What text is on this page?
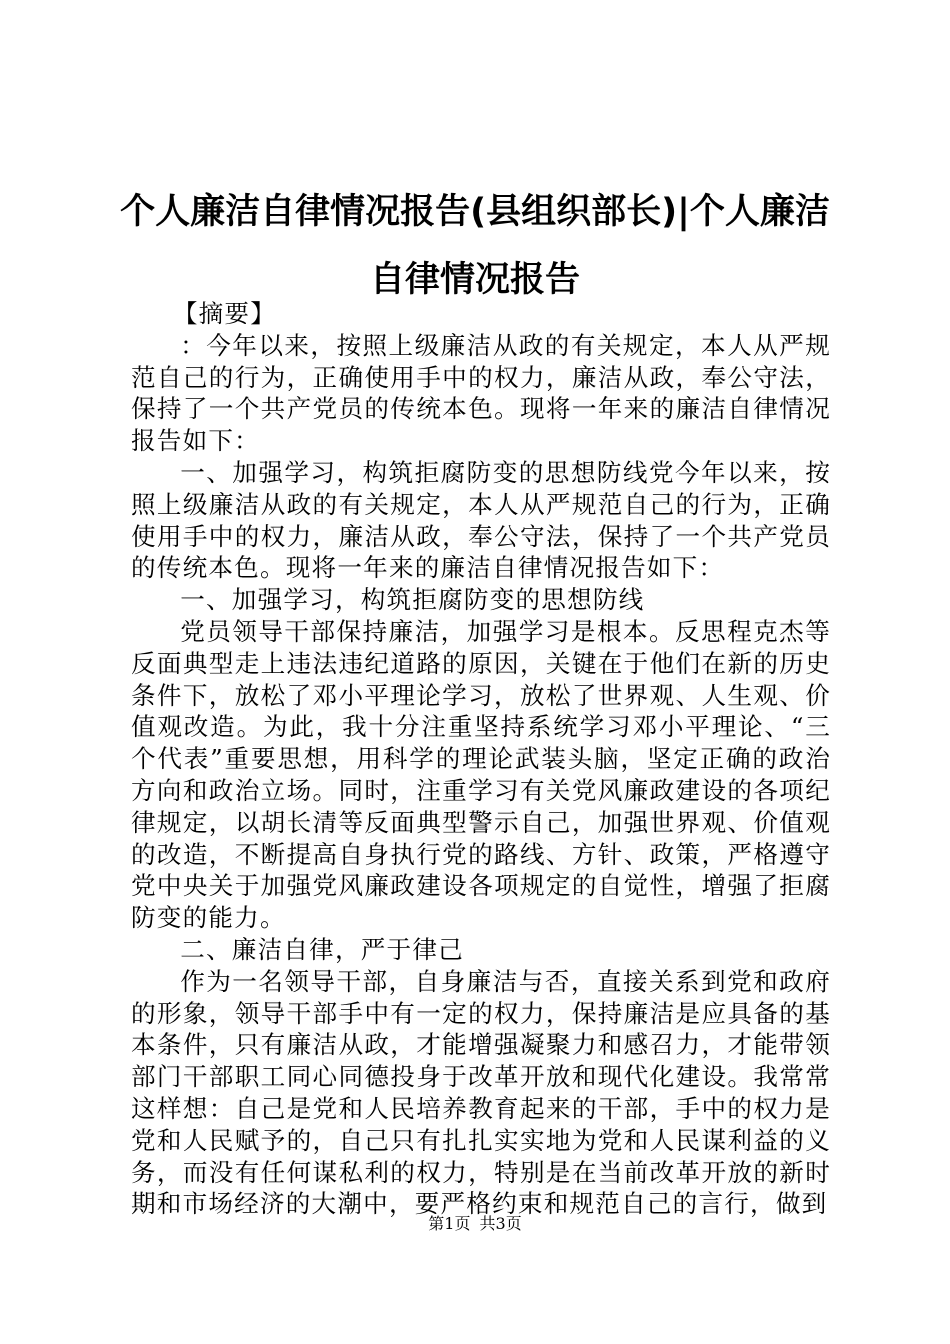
个人廉洁自律情况报告(县组织部长)|个人廉洁自律情况报告

【摘要】

：今年以来，按照上级廉洁从政的有关规定，本人从严规范自己的行为，正确使用手中的权力，廉洁从政，奉公守法，保持了一个共产党员的传统本色。现将一年来的廉洁自律情况报告如下：

一、加强学习，构筑拒腐防变的思想防线党今年以来，按照上级廉洁从政的有关规定，本人从严规范自己的行为，正确使用手中的权力，廉洁从政，奉公守法，保持了一个共产党员的传统本色。现将一年来的廉洁自律情况报告如下：

一、加强学习，构筑拒腐防变的思想防线

党员领导干部保持廉洁，加强学习是根本。反思程克杰等反面典型走上违法违纪道路的原因，关键在于他们在新的历史条件下，放松了邓小平理论学习，放松了世界观、人生观、价值观改造。为此，我十分注重坚持系统学习邓小平理论、“三个代表”重要思想，用科学的理论武装头脑，坚定正确的政治方向和政治立场。同时，注重学习有关党风廉政建设的各项纪律规定，以胡长清等反面典型警示自己，加强世界观、价值观的改造，不断提高自身执行党的路线、方针、政策，严格遵守党中央关于加强党风廉政建设各项规定的自觉性，增强了拒腐防变的能力。

二、廉洁自律，严于律己

作为一名领导干部，自身廉洁与否，直接关系到党和政府的形象，领导干部手中有一定的权力，保持廉洁是应具备的基本条件，只有廉洁从政，才能增强凝聚力和感召力，才能带领部门干部职工同心同德投身于改革开放和现代化建设。我常常这样想：自己是党和人民培养教育起来的干部，手中的权力是党和人民赋予的，自己只有扎扎实实地为党和人民谋利益的义务，而没有任何谋私利的权力，特别是在当前改革开放的新时期和市场经济的大潮中，要严格约束和规范自己的言行，做到

第1页 共3页
